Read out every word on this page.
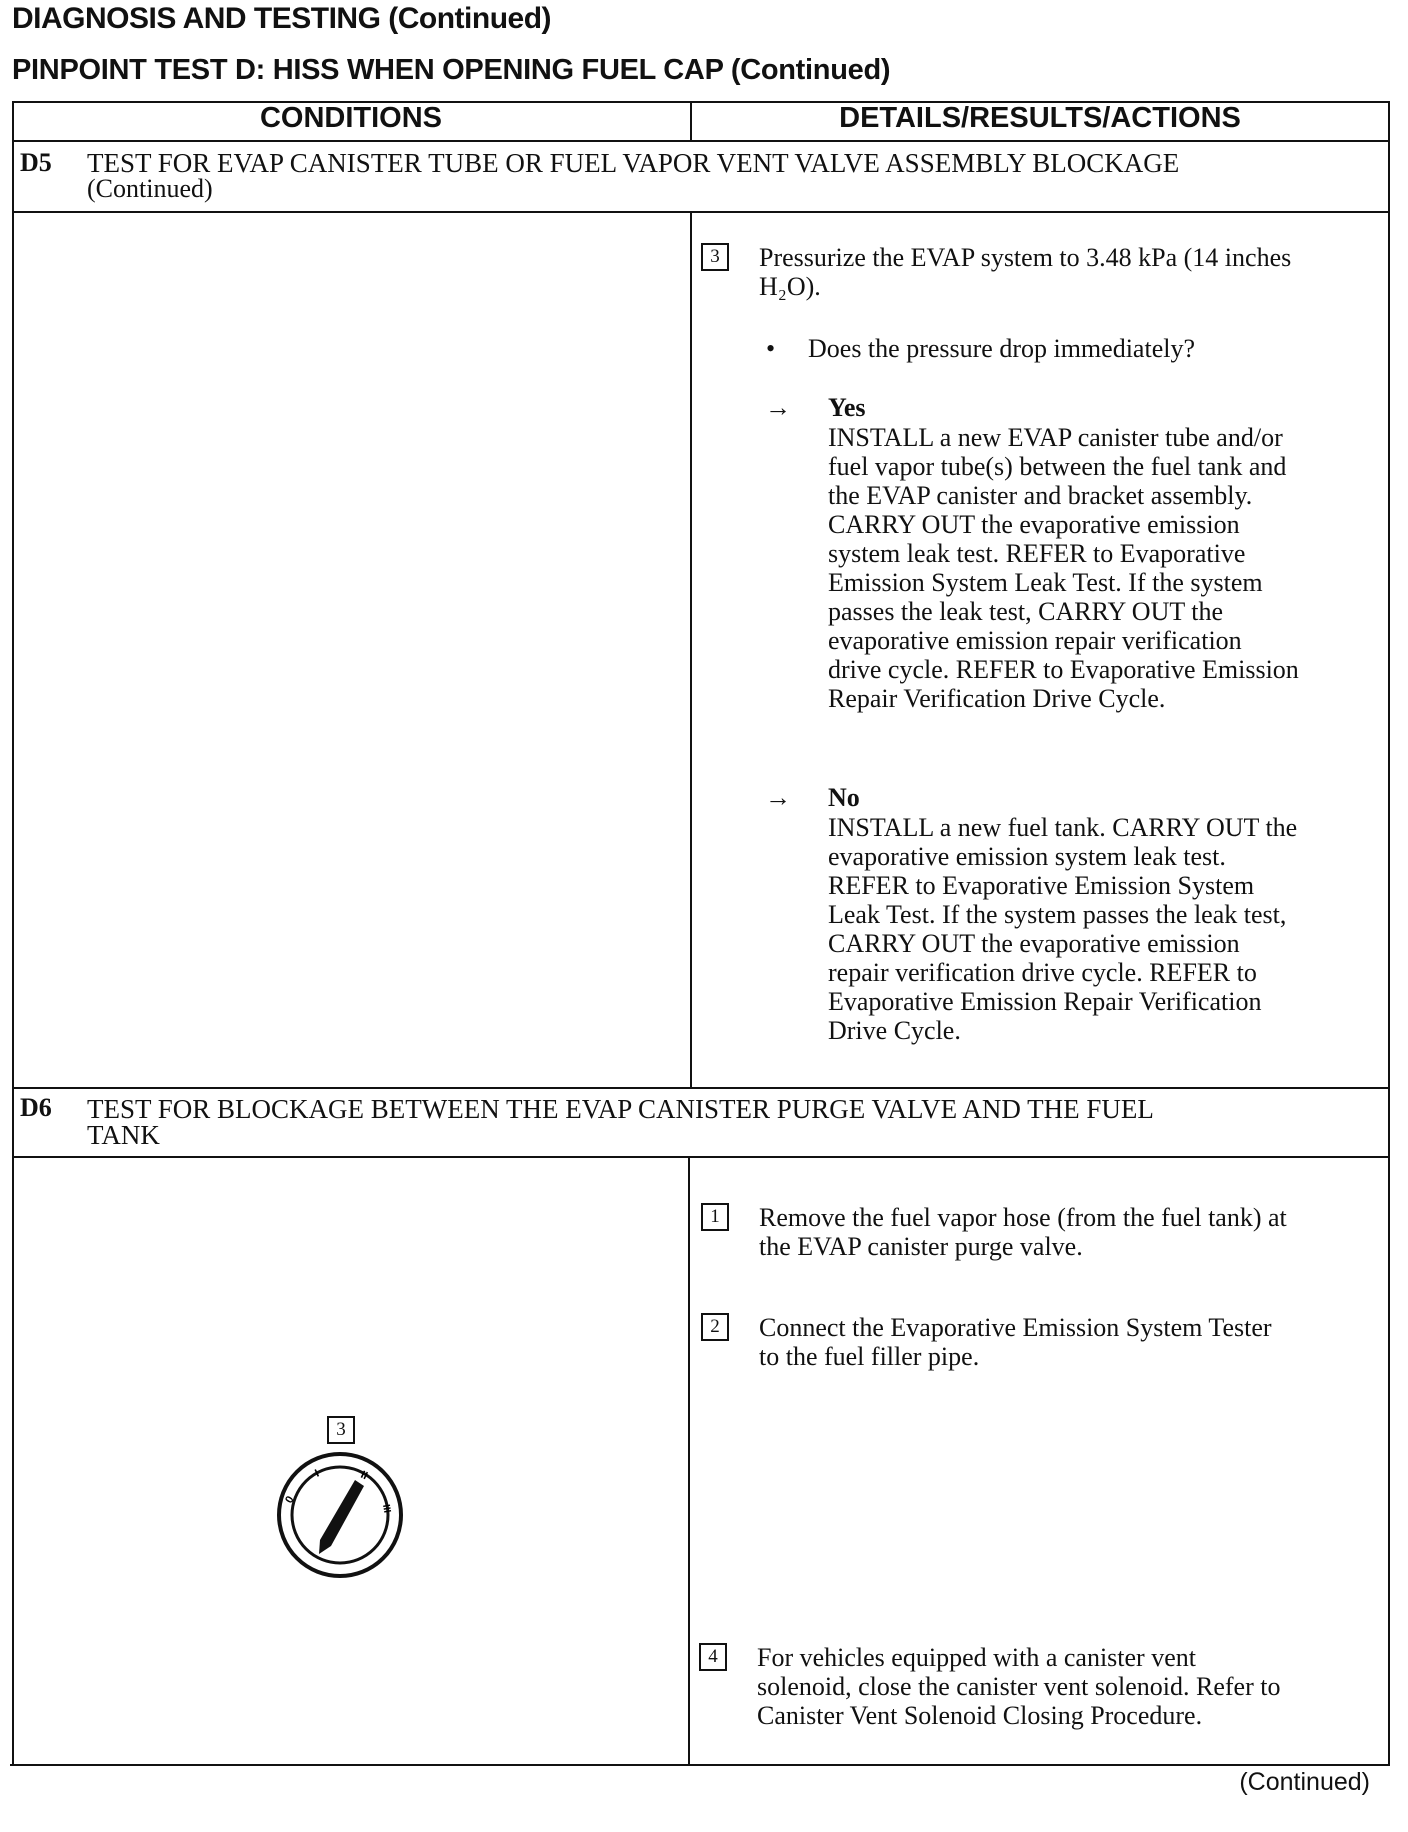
DIAGNOSIS AND TESTING (Continued)
PINPOINT TEST D: HISS WHEN OPENING FUEL CAP (Continued)
CONDITIONS	DETAILS/RESULTS/ACTIONS
D5 TEST FOR EVAP CANISTER TUBE OR FUEL VAPOR VENT VALVE ASSEMBLY BLOCKAGE
(Continued)
3	Pressurize the EVAP system to 3.48 kPa (14 inches
H₂O).
• Does the pressure drop immediately?
→ Yes
INSTALL a new EVAP canister tube and/or
fuel vapor tube(s) between the fuel tank and
the EVAP canister and bracket assembly.
CARRY OUT the evaporative emission
system leak test. REFER to Evaporative
Emission System Leak Test. If the system
passes the leak test, CARRY OUT the
evaporative emission repair verification
drive cycle. REFER to Evaporative Emission
Repair Verification Drive Cycle.
→ No
INSTALL a new fuel tank. CARRY OUT the
evaporative emission system leak test.
REFER to Evaporative Emission System
Leak Test. If the system passes the leak test,
CARRY OUT the evaporative emission
repair verification drive cycle. REFER to
Evaporative Emission Repair Verification
Drive Cycle.
D6 TEST FOR BLOCKAGE BETWEEN THE EVAP CANISTER PURGE VALVE AND THE FUEL
TANK
3
0
I	II
III
1	Remove the fuel vapor hose (from the fuel tank) at
the EVAP canister purge valve.
2	Connect the Evaporative Emission System Tester
to the fuel filler pipe.
4	For vehicles equipped with a canister vent
solenoid, close the canister vent solenoid. Refer to
Canister Vent Solenoid Closing Procedure.
(Continued)
